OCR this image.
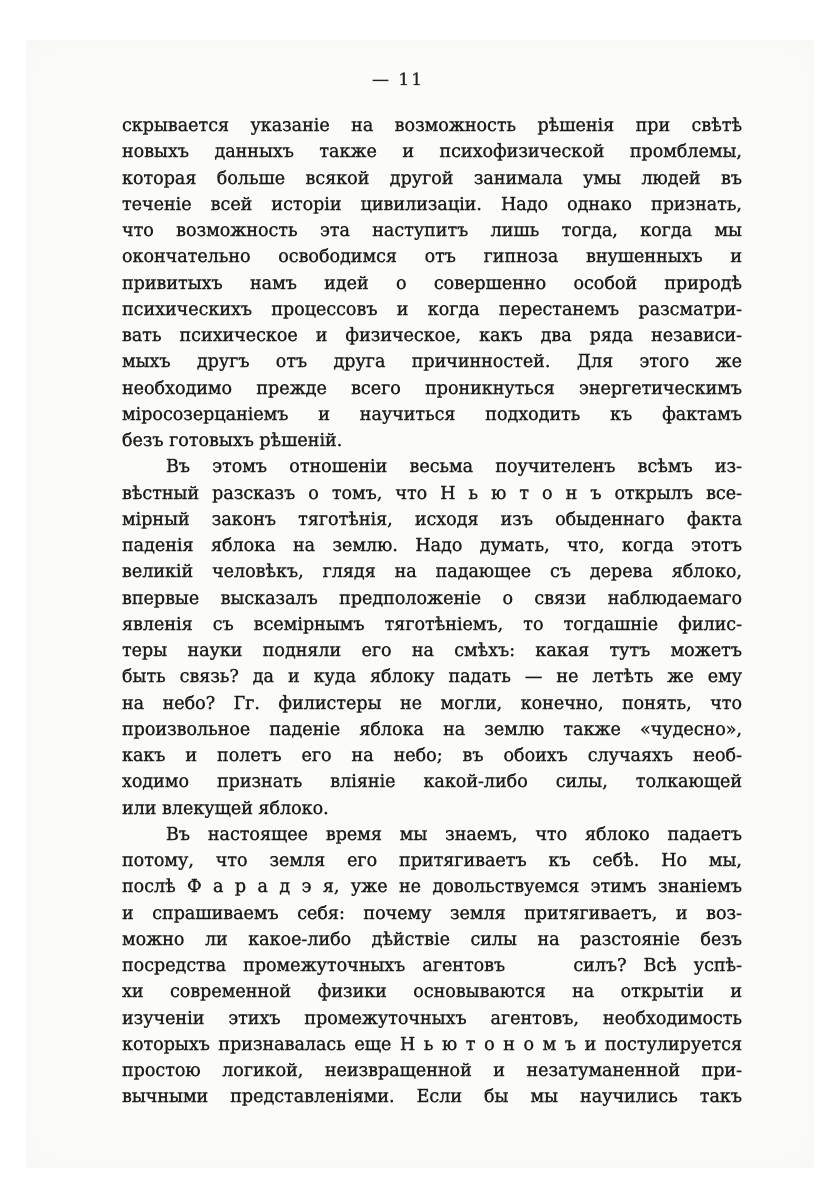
— 11
скрывается указаніе на возможность рѣшенія при свѣтѣ
новыхъ данныхъ также и психофизической промблемы,
которая больше всякой другой занимала умы людей въ
теченіе всей исторіи цивилизаціи. Надо однако признать,
что возможность эта наступитъ лишь тогда, когда мы
окончательно освободимся отъ гипноза внушенныхъ и
привитыхъ намъ идей о совершенно особой природѣ
психическихъ процессовъ и когда перестанемъ разсматри-
вать психическое и физическое, какъ два ряда независи-
мыхъ другъ отъ друга причинностей. Для этого же
необходимо прежде всего проникнуться энергетическимъ
міросозерцаніемъ и научиться подходить къ фактамъ
безъ готовыхъ рѣшеній.
Въ этомъ отношеніи весьма поучителенъ всѣмъ из-
вѣстный разсказъ о томъ, что Н ь ю т о н ъ открылъ все-
мірный законъ тяготѣнія, исходя изъ обыденнаго факта
паденія яблока на землю. Надо думать, что, когда этотъ
великій человѣкъ, глядя на падающее съ дерева яблоко,
впервые высказалъ предположеніе о связи наблюдаемаго
явленія съ всемірнымъ тяготѣніемъ, то тогдашніе филис-
теры науки подняли его на смѣхъ: какая тутъ можетъ
быть связь? да и куда яблоку падать — не летѣть же ему
на небо? Гг. филистеры не могли, конечно, понять, что
произвольное паденіе яблока на землю также «чудесно»,
какъ и полетъ его на небо; въ обоихъ случаяхъ необ-
ходимо признать вліяніе какой-либо силы, толкающей
или влекущей яблоко.
Въ настоящее время мы знаемъ, что яблоко падаетъ
потому, что земля его притягиваетъ къ себѣ. Но мы,
послѣ Ф а р а д э я, уже не довольствуемся этимъ знаніемъ
и спрашиваемъ себя: почему земля притягиваетъ, и воз-
можно ли какое-либо дѣйствіе силы на разстояніе безъ
посредства промежуточныхъ агентовъ    силъ? Всѣ успѣ-
хи современной физики основываются на открытіи и
изученіи этихъ промежуточныхъ агентовъ, необходимость
которыхъ признавалась еще Н ь ю т о н о м ъ и постулируется
простою логикой, неизвращенной и незатуманенной при-
вычными представленіями. Если бы мы научились такъ
